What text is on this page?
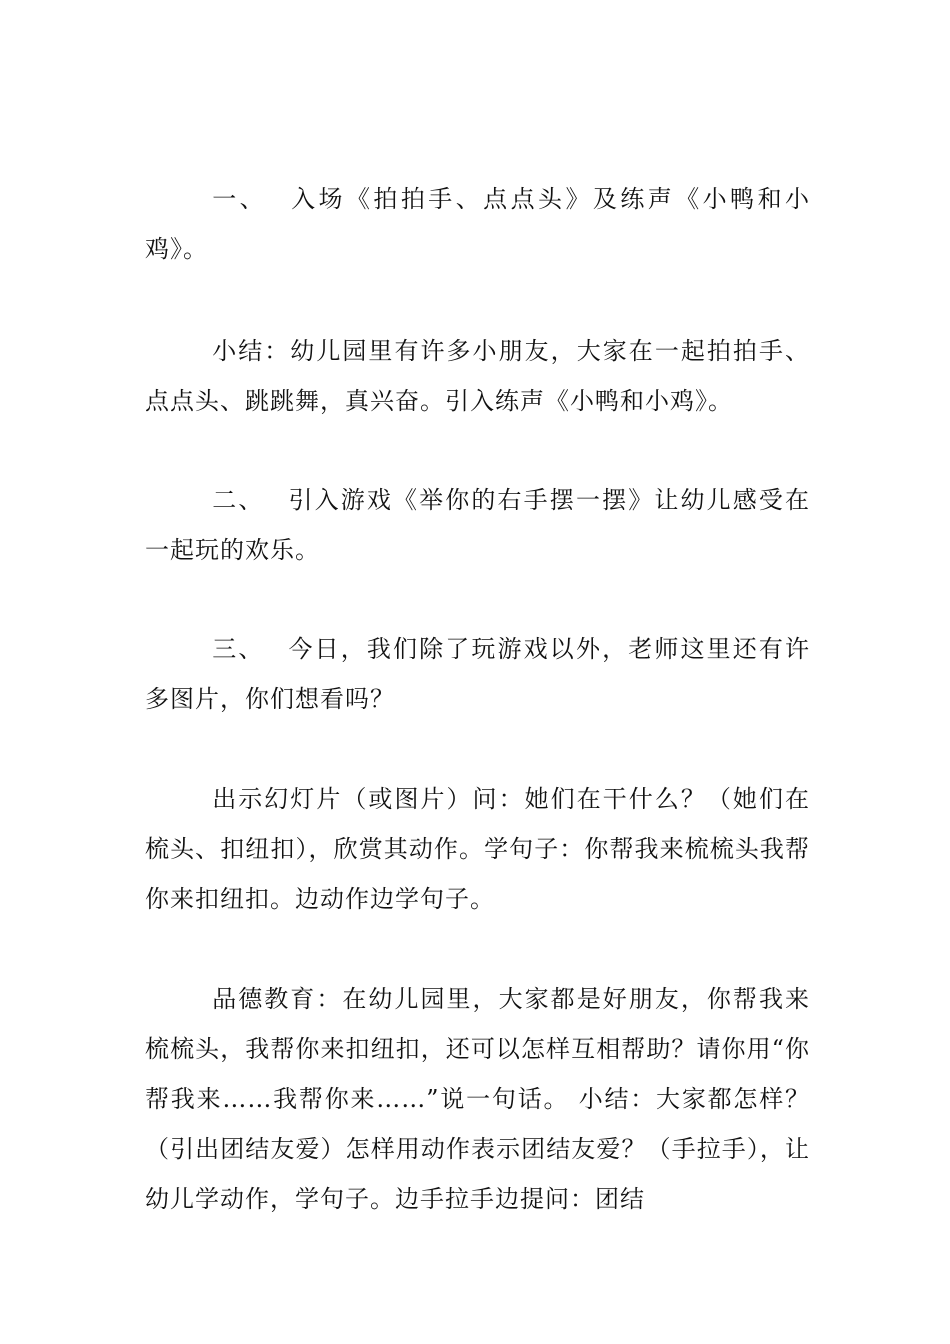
一、 入场《拍拍手、点点头》及练声《小鸭和小鸡》。

小结：幼儿园里有许多小朋友，大家在一起拍拍手、点点头、跳跳舞，真兴奋。引入练声《小鸭和小鸡》。

二、 引入游戏《举你的右手摆一摆》让幼儿感受在一起玩的欢乐。

三、 今日，我们除了玩游戏以外，老师这里还有许多图片，你们想看吗？

出示幻灯片（或图片）问：她们在干什么？（她们在梳头、扣纽扣），欣赏其动作。学句子：你帮我来梳梳头我帮你来扣纽扣。边动作边学句子。

品德教育：在幼儿园里，大家都是好朋友，你帮我来梳梳头，我帮你来扣纽扣，还可以怎样互相帮助？请你用“你帮我来……我帮你来……”说一句话。 小结：大家都怎样？（引出团结友爱）怎样用动作表示团结友爱？（手拉手），让幼儿学动作，学句子。边手拉手边提问：团结
